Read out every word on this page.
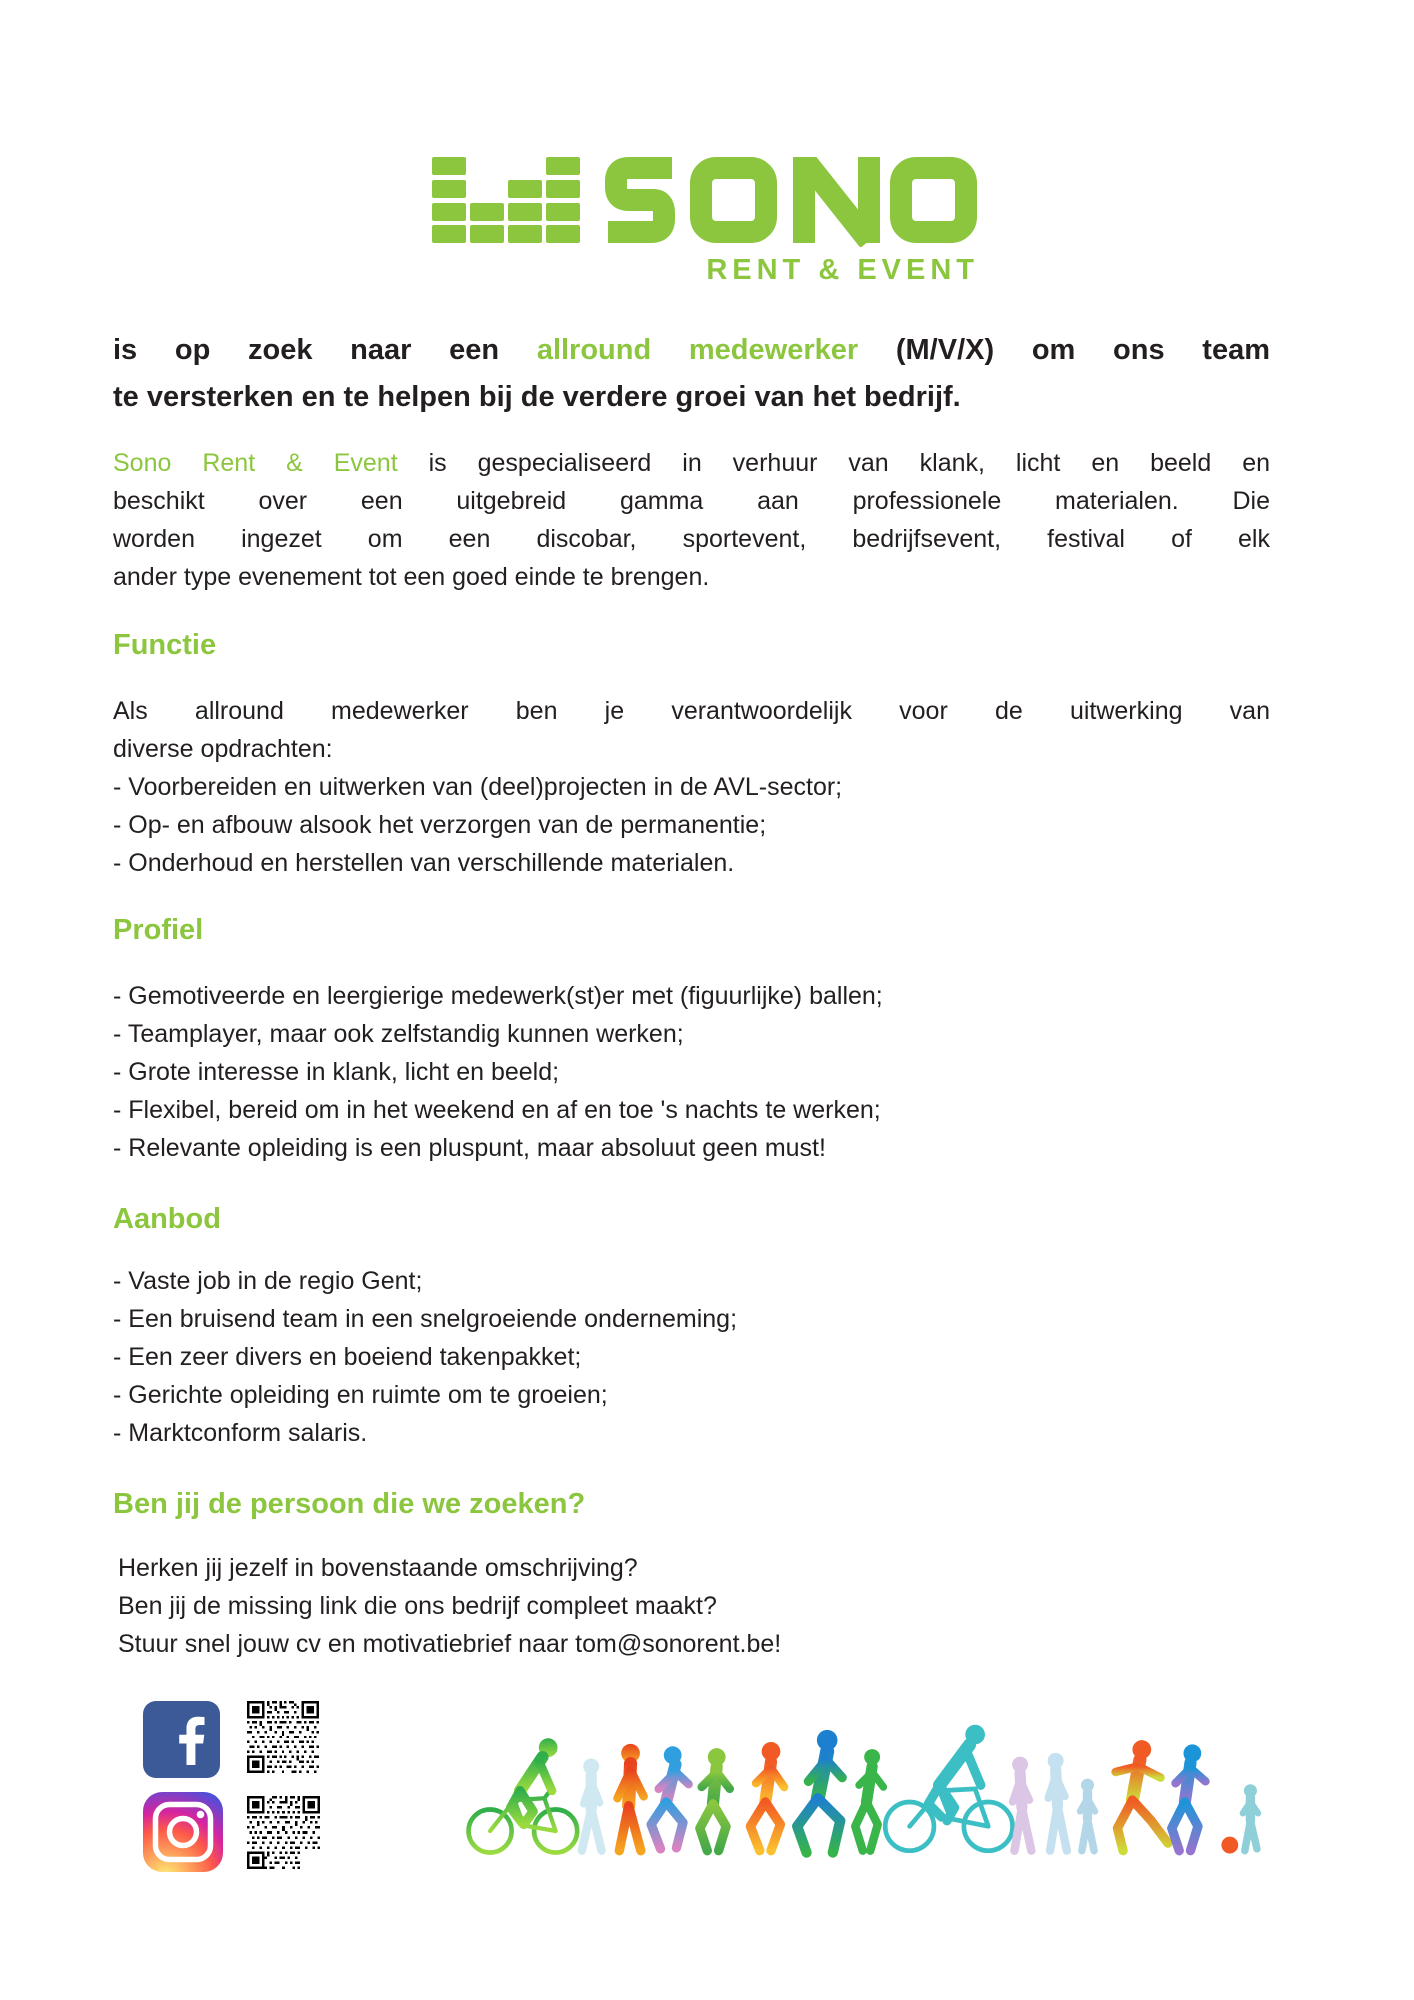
RENT & EVENT
is op zoek naar een allround medewerker (M/V/X) om ons team
te versterken en te helpen bij de verdere groei van het bedrijf.
Sono Rent & Event is gespecialiseerd in verhuur van klank, licht en beeld en
beschikt over een uitgebreid gamma aan professionele materialen. Die
worden ingezet om een discobar, sportevent, bedrijfsevent, festival of elk
ander type evenement tot een goed einde te brengen.
Functie
Als allround medewerker ben je verantwoordelijk voor de uitwerking van
diverse opdrachten:
- Voorbereiden en uitwerken van (deel)projecten in de AVL-sector;
- Op- en afbouw alsook het verzorgen van de permanentie;
- Onderhoud en herstellen van verschillende materialen.
Profiel
- Gemotiveerde en leergierige medewerk(st)er met (figuurlijke) ballen;
- Teamplayer, maar ook zelfstandig kunnen werken;
- Grote interesse in klank, licht en beeld;
- Flexibel, bereid om in het weekend en af en toe 's nachts te werken;
- Relevante opleiding is een pluspunt, maar absoluut geen must!
Aanbod
- Vaste job in de regio Gent;
- Een bruisend team in een snelgroeiende onderneming;
- Een zeer divers en boeiend takenpakket;
- Gerichte opleiding en ruimte om te groeien;
- Marktconform salaris.
Ben jij de persoon die we zoeken?
Herken jij jezelf in bovenstaande omschrijving?
Ben jij de missing link die ons bedrijf compleet maakt?
Stuur snel jouw cv en motivatiebrief naar tom@sonorent.be!
